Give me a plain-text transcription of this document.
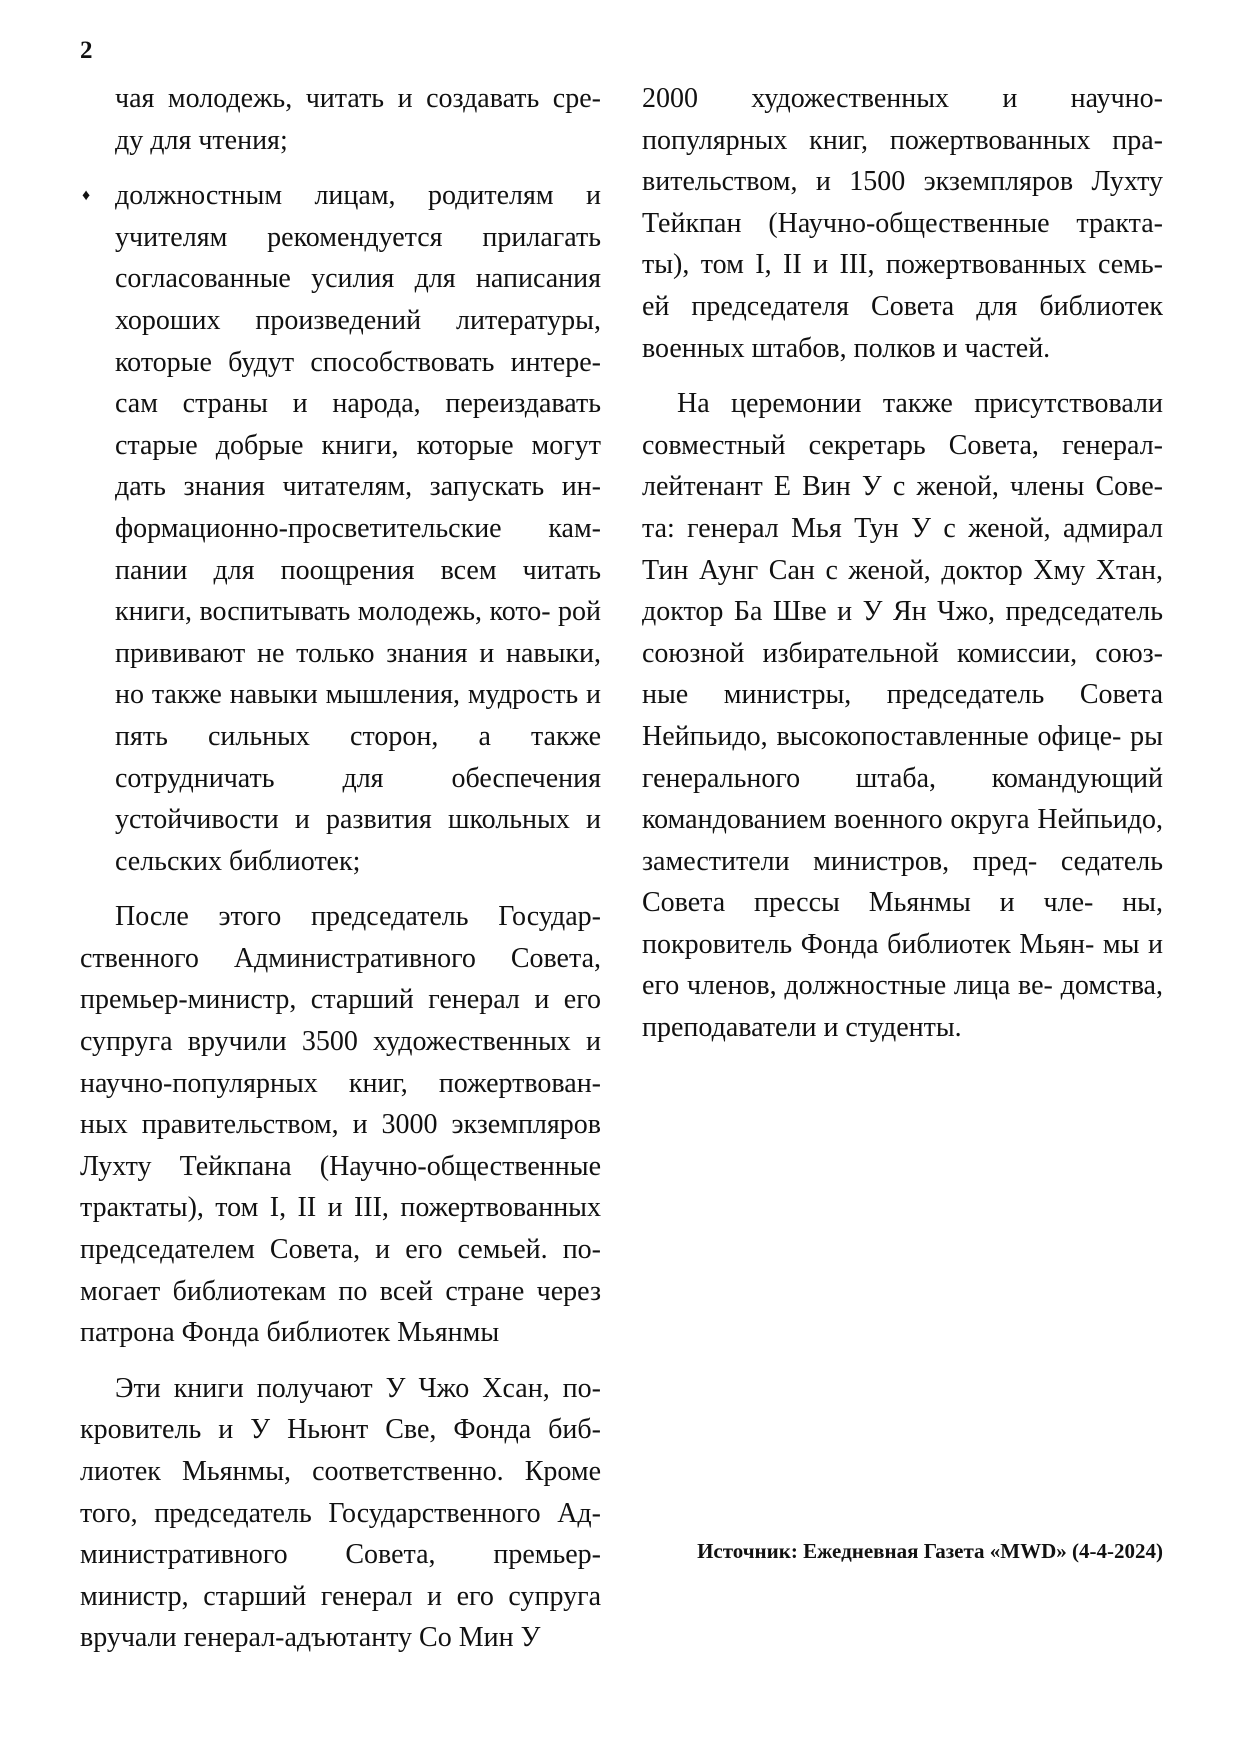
2

чая молодежь, читать и создавать сре- ду для чтения;

♦ должностным лицам, родителям и учителям рекомендуется прилагать согласованные усилия для написания хороших произведений литературы, которые будут способствовать интере- сам страны и народа, переиздавать старые добрые книги, которые могут дать знания читателям, запускать ин- формационно-просветительские кам- пании для поощрения всем читать книги, воспитывать молодежь, кото- рой прививают не только знания и навыки, но также навыки мышления, мудрость и пять сильных сторон, а также сотрудничать для обеспечения устойчивости и развития школьных и сельских библиотек;

После этого председатель Государ- ственного Административного Совета, премьер-министр, старший генерал и его супруга вручили 3500 художественных и научно-популярных книг, пожертвован- ных правительством, и 3000 экземпляров Лухту Тейкпана (Научно-общественные трактаты), том I, II и III, пожертвованных председателем Совета, и его семьей. по- могает библиотекам по всей стране через патрона Фонда библиотек Мьянмы

Эти книги получают У Чжо Хсан, по- кровитель и У Ньюнт Све, Фонда биб- лиотек Мьянмы, соответственно. Кроме того, председатель Государственного Ад- министративного Совета, премьер- министр, старший генерал и его супруга вручали генерал-адъютанту Со Мин У

2000 художественных и научно- популярных книг, пожертвованных пра- вительством, и 1500 экземпляров Лухту Тейкпан (Научно-общественные тракта- ты), том I, II и III, пожертвованных семь- ей председателя Совета для библиотек военных штабов, полков и частей.

На церемонии также присутствовали совместный секретарь Совета, генерал- лейтенант Е Вин У с женой, члены Сове- та: генерал Мья Тун У с женой, адмирал Тин Аунг Сан с женой, доктор Хму Хтан, доктор Ба Шве и У Ян Чжо, председатель союзной избирательной комиссии, союз- ные министры, председатель Совета Нейпьидо, высокопоставленные офице- ры генерального штаба, командующий командованием военного округа Нейпьидо, заместители министров, пред- седатель Совета прессы Мьянмы и чле- ны, покровитель Фонда библиотек Мьян- мы и его членов, должностные лица ве- домства, преподаватели и студенты.

Источник: Ежедневная Газета «MWD» (4-4-2024)
